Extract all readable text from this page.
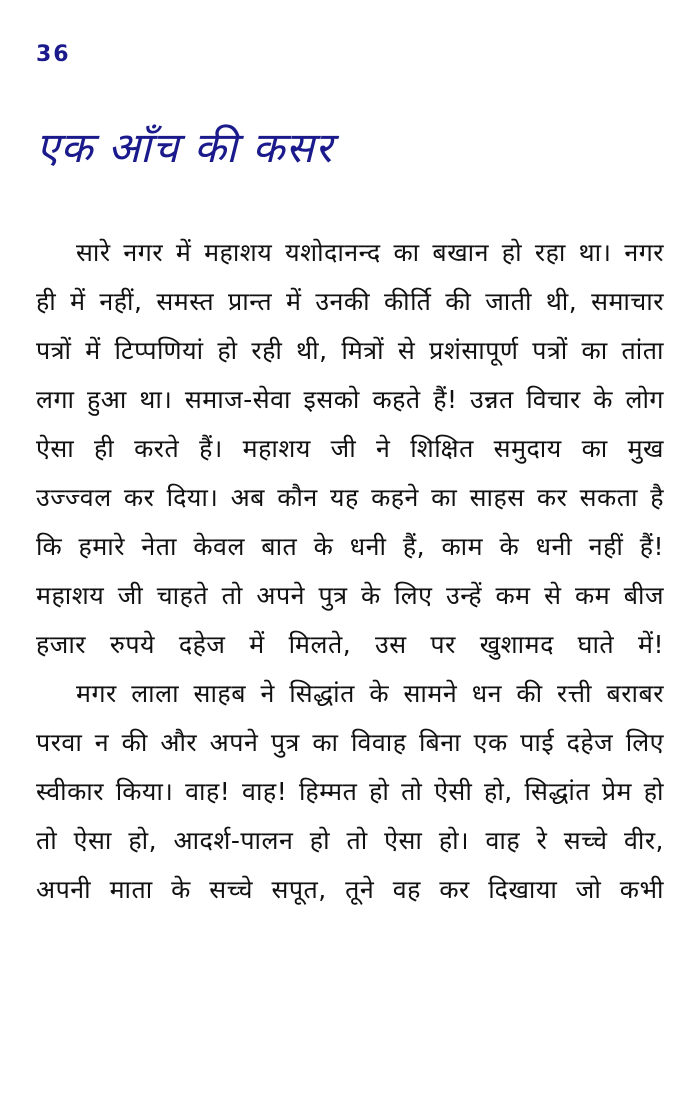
36
एक आँच की कसर

सारे नगर में महाशय यशोदानन्द का बखान हो रहा था। नगर ही में नहीं, समस्त प्रान्त में उनकी कीर्ति की जाती थी, समाचार पत्रों में टिप्पणियां हो रही थी, मित्रों से प्रशंसापूर्ण पत्रों का तांता लगा हुआ था। समाज-सेवा इसको कहते हैं! उन्नत विचार के लोग ऐसा ही करते हैं। महाशय जी ने शिक्षित समुदाय का मुख उज्ज्वल कर दिया। अब कौन यह कहने का साहस कर सकता है कि हमारे नेता केवल बात के धनी हैं, काम के धनी नहीं हैं! महाशय जी चाहते तो अपने पुत्र के लिए उन्हें कम से कम बीज हजार रुपये दहेज में मिलते, उस पर खुशामद घाते में!

मगर लाला साहब ने सिद्धांत के सामने धन की रत्ती बराबर परवा न की और अपने पुत्र का विवाह बिना एक पाई दहेज लिए स्वीकार किया। वाह! वाह! हिम्मत हो तो ऐसी हो, सिद्धांत प्रेम हो तो ऐसा हो, आदर्श-पालन हो तो ऐसा हो। वाह रे सच्चे वीर, अपनी माता के सच्चे सपूत, तूने वह कर दिखाया जो कभी
